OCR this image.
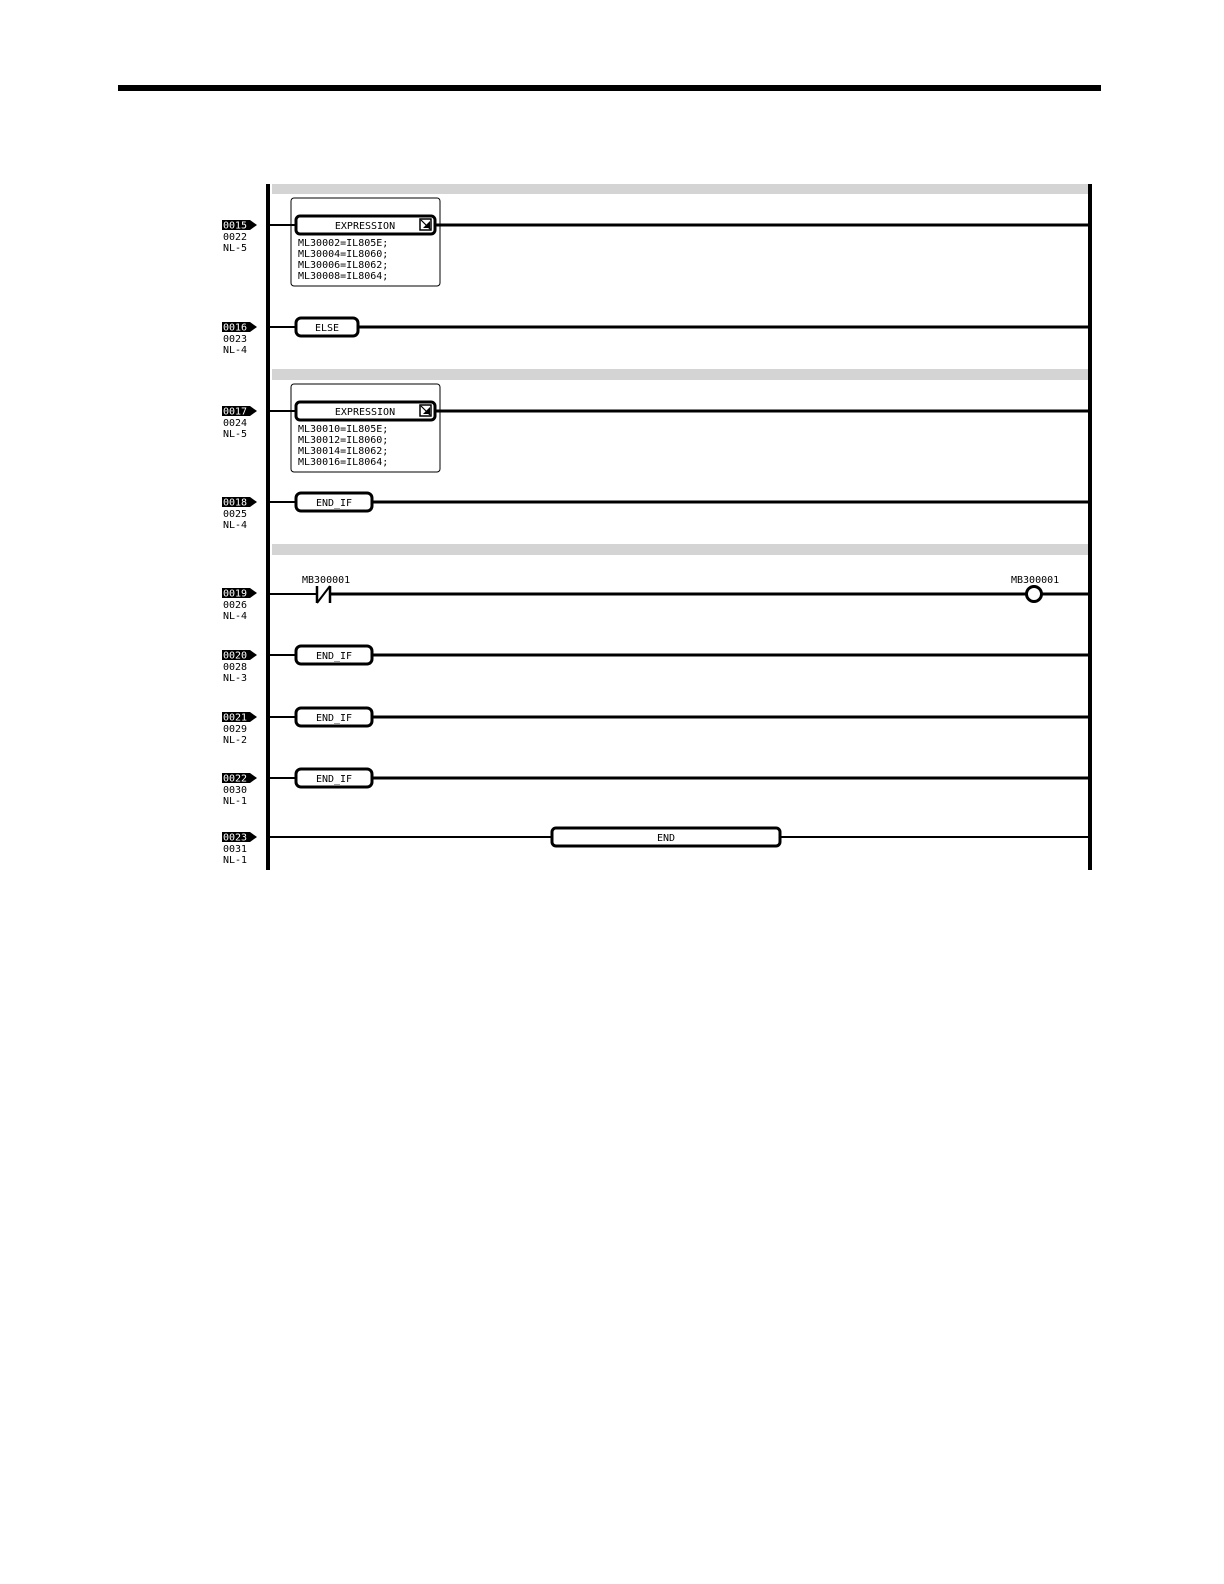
0015
0022
NL-5
EXPRESSION
ML30002=IL805E;
ML30004=IL8060;
ML30006=IL8062;
ML30008=IL8064;
0016
0023
NL-4
ELSE
0017
0024
NL-5
EXPRESSION
ML30010=IL805E;
ML30012=IL8060;
ML30014=IL8062;
ML30016=IL8064;
0018
0025
NL-4
END_IF
0019
0026
NL-4
MB300001	MB300001
0020
0028
NL-3
END_IF
0021
0029
NL-2
END_IF
0022
0030
NL-1
END_IF
0023
0031
NL-1
END
